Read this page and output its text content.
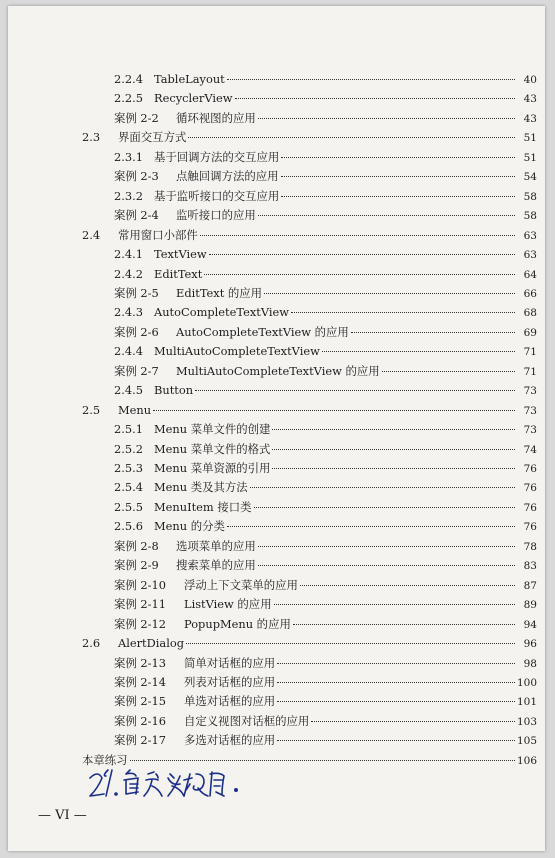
2.2.4 TableLayout	40
2.2.5 RecyclerView	43
案例 2-2	循环视图的应用	43
2.3	界面交互方式	51
2.3.1 基于回调方法的交互应用	51
案例 2-3	点触回调方法的应用	54
2.3.2 基于监听接口的交互应用	58
案例 2-4	监听接口的应用	58
2.4	常用窗口小部件	63
2.4.1 TextView	63
2.4.2 EditText	64
案例 2-5	EditText 的应用	66
2.4.3 AutoCompleteTextView	68
案例 2-6	AutoCompleteTextView 的应用	69
2.4.4 MultiAutoCompleteTextView	71
案例 2-7	MultiAutoCompleteTextView 的应用	71
2.4.5 Button	73
2.5	Menu	73
2.5.1 Menu 菜单文件的创建	73
2.5.2 Menu 菜单文件的格式	74
2.5.3 Menu 菜单资源的引用	76
2.5.4 Menu 类及其方法	76
2.5.5 MenuItem 接口类	76
2.5.6 Menu 的分类	76
案例 2-8	选项菜单的应用	78
案例 2-9	搜索菜单的应用	83
案例 2-10	浮动上下文菜单的应用	87
案例 2-11	ListView 的应用	89
案例 2-12	PopupMenu 的应用	94
2.6	AlertDialog	96
案例 2-13	简单对话框的应用	98
案例 2-14	列表对话框的应用	100
案例 2-15	单选对话框的应用	101
案例 2-16	自定义视图对话框的应用	103
案例 2-17	多选对话框的应用	105
本章练习	106
— VI —
